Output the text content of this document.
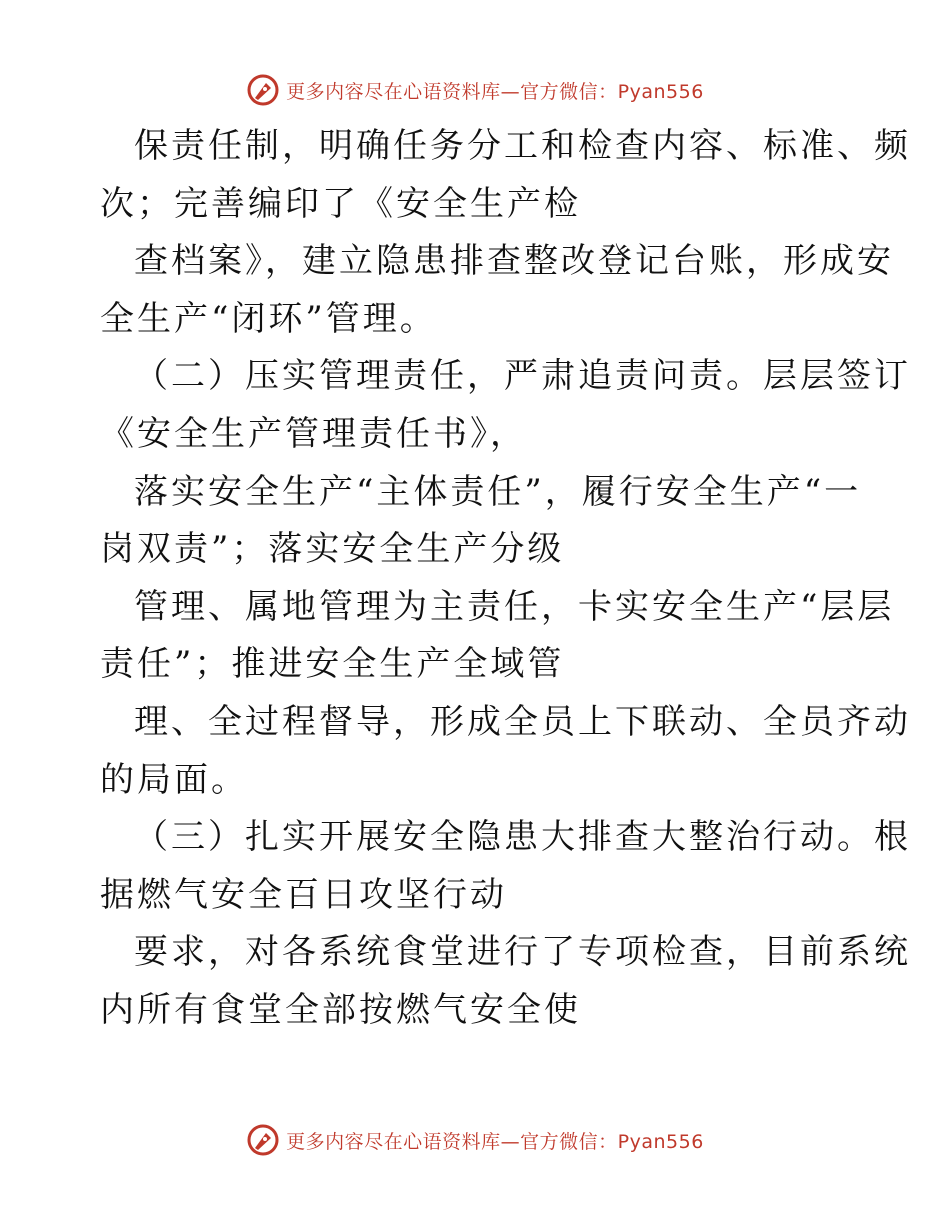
更多内容尽在心语资料库—官方微信：Pyan556
保责任制，明确任务分工和检查内容、标准、频
次；完善编印了《安全生产检
查档案》，建立隐患排查整改登记台账，形成安
全生产“闭环”管理。
（二）压实管理责任，严肃追责问责。层层签订
《安全生产管理责任书》，
落实安全生产“主体责任”，履行安全生产“一
岗双责”；落实安全生产分级
管理、属地管理为主责任，卡实安全生产“层层
责任”；推进安全生产全域管
理、全过程督导，形成全员上下联动、全员齐动
的局面。
（三）扎实开展安全隐患大排查大整治行动。根
据燃气安全百日攻坚行动
要求，对各系统食堂进行了专项检查，目前系统
内所有食堂全部按燃气安全使
更多内容尽在心语资料库—官方微信：Pyan556
